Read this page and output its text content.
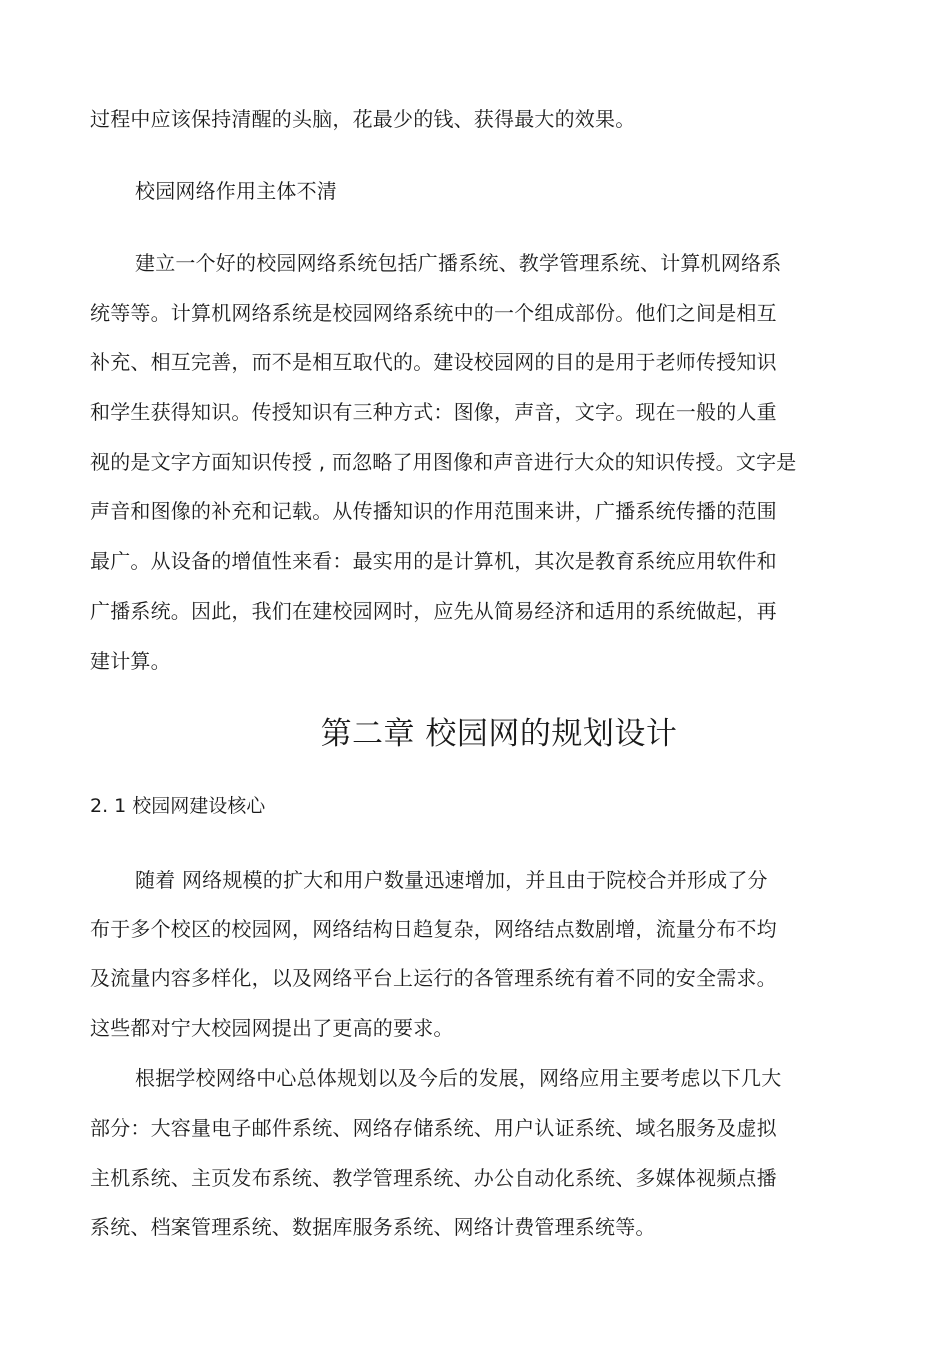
过程中应该保持清醒的头脑，花最少的钱、获得最大的效果。
校园网络作用主体不清
建立一个好的校园网络系统包括广播系统、教学管理系统、计算机网络系
统等等。计算机网络系统是校园网络系统中的一个组成部份。他们之间是相互
补充、相互完善，而不是相互取代的。建设校园网的目的是用于老师传授知识
和学生获得知识。传授知识有三种方式：图像，声音，文字。现在一般的人重
视的是文字方面知识传授 , 而忽略了用图像和声音进行大众的知识传授。文字是
声音和图像的补充和记载。从传播知识的作用范围来讲，广播系统传播的范围
最广。从设备的增值性来看：最实用的是计算机，其次是教育系统应用软件和
广播系统。因此，我们在建校园网时，应先从简易经济和适用的系统做起，再
建计算。
第二章 校园网的规划设计
2. 1 校园网建设核心
随着 网络规模的扩大和用户数量迅速增加，并且由于院校合并形成了分
布于多个校区的校园网，网络结构日趋复杂，网络结点数剧增，流量分布不均
及流量内容多样化，以及网络平台上运行的各管理系统有着不同的安全需求。
这些都对宁大校园网提出了更高的要求。
根据学校网络中心总体规划以及今后的发展，网络应用主要考虑以下几大
部分：大容量电子邮件系统、网络存储系统、用户认证系统、域名服务及虚拟
主机系统、主页发布系统、教学管理系统、办公自动化系统、多媒体视频点播
系统、档案管理系统、数据库服务系统、网络计费管理系统等。
